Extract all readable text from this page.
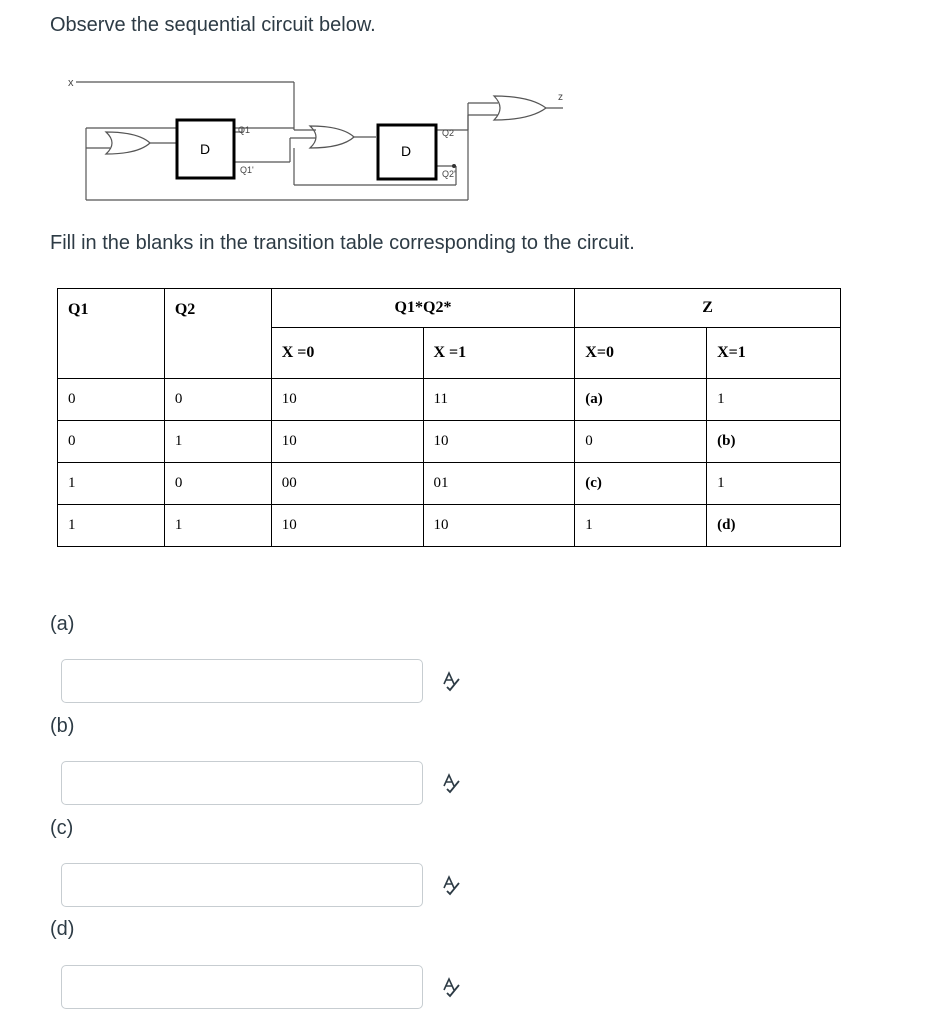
Observe the sequential circuit below.
x
z
D	D
Q1
Q1'
Q2
Q2'
Fill in the blanks in the transition table corresponding to the circuit.
Q1	Q2	Q1*Q2*		Z	
		X =0	X =1	X=0	X=1
0	0	10	11	(a)	1
0	1	10	10	0	(b)
1	0	00	01	(c)	1
1	1	10	10	1	(d)
(a)
(b)
(c)
(d)
